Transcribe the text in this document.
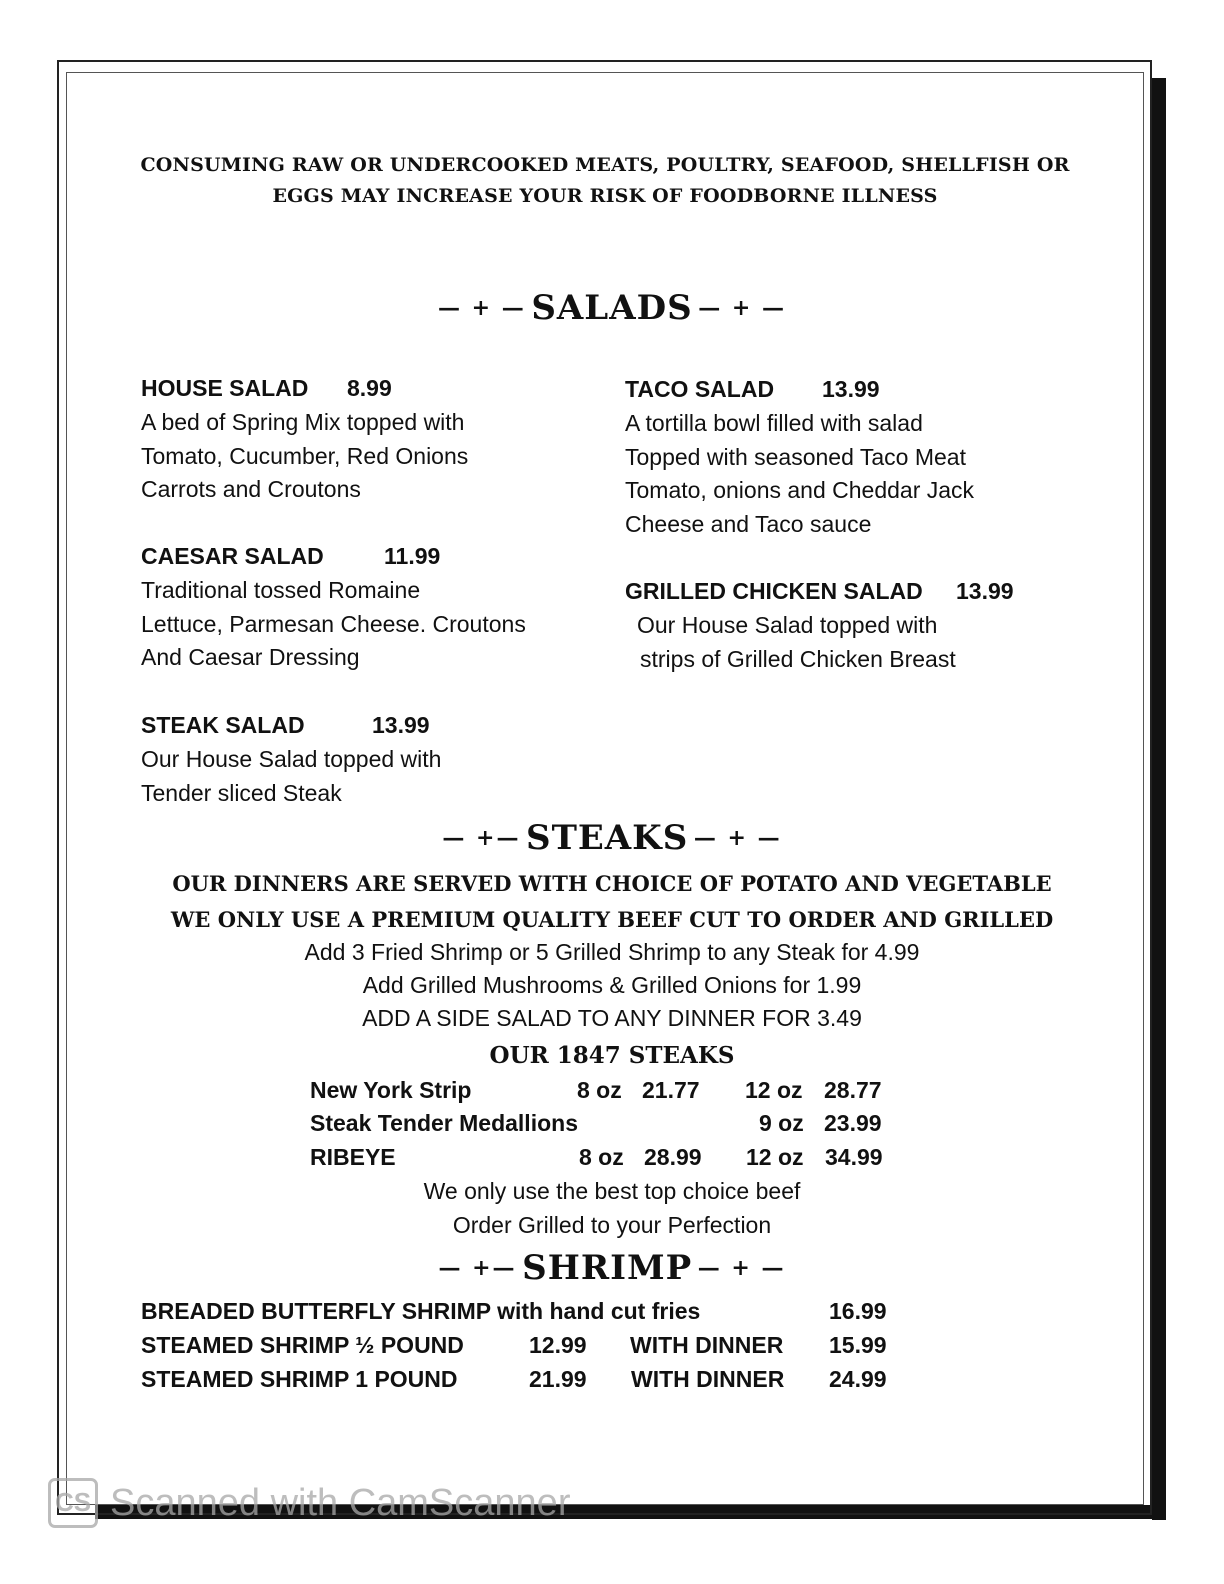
CONSUMING RAW OR UNDERCOOKED MEATS, POULTRY, SEAFOOD, SHELLFISH OR
EGGS MAY INCREASE YOUR RISK OF FOODBORNE ILLNESS
— + — SALADS — + —
HOUSE SALAD 8.99
A bed of Spring Mix topped with
Tomato, Cucumber, Red Onions
Carrots and Croutons
CAESAR SALAD	11.99
Traditional tossed Romaine
Lettuce, Parmesan Cheese. Croutons
And Caesar Dressing
STEAK SALAD	13.99
Our House Salad topped with
Tender sliced Steak
TACO SALAD 13.99
A tortilla bowl filled with salad
Topped with seasoned Taco Meat
Tomato, onions and Cheddar Jack
Cheese and Taco sauce
GRILLED CHICKEN SALAD 13.99
Our House Salad topped with
strips of Grilled Chicken Breast
— +— STEAKS — + —
OUR DINNERS ARE SERVED WITH CHOICE OF POTATO AND VEGETABLE
WE ONLY USE A PREMIUM QUALITY BEEF CUT TO ORDER AND GRILLED
Add 3 Fried Shrimp or 5 Grilled Shrimp to any Steak for 4.99
Add Grilled Mushrooms & Grilled Onions for 1.99
ADD A SIDE SALAD TO ANY DINNER FOR 3.49
OUR 1847 STEAKS
New York Strip	8 oz 21.77 12 oz 28.77
Steak Tender Medallions	9 oz 23.99
RIBEYE	8 oz 28.99 12 oz 34.99
We only use the best top choice beef
Order Grilled to your Perfection
— +— SHRIMP — + —
BREADED BUTTERFLY SHRIMP with hand cut fries	16.99
STEAMED SHRIMP ½ POUND	12.99 WITH DINNER 15.99
STEAMED SHRIMP 1 POUND	21.99 WITH DINNER 24.99
CS Scanned with CamScanner
